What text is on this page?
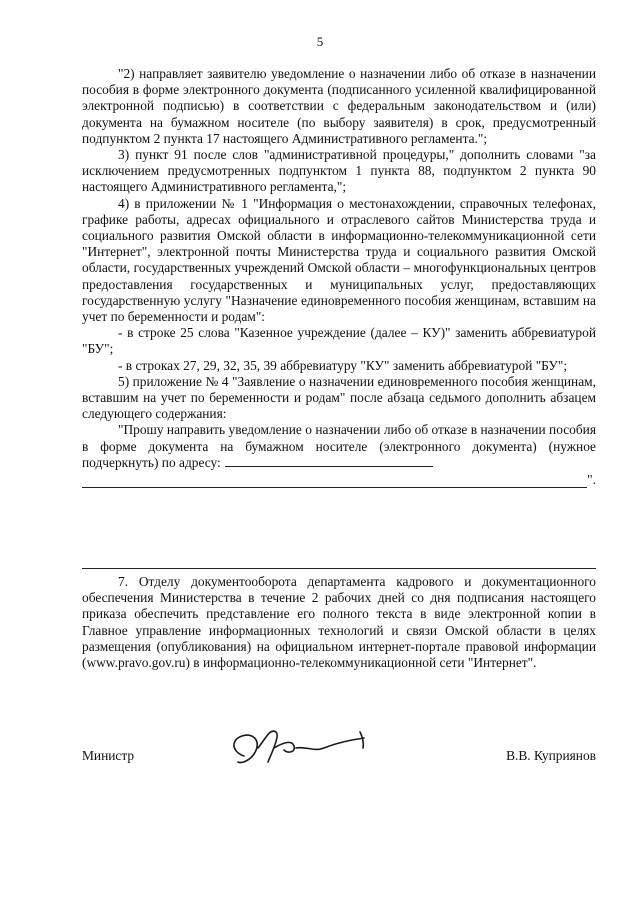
5

"2) направляет заявителю уведомление о назначении либо об отказе в назначении пособия в форме электронного документа (подписанного усиленной квалифицированной электронной подписью) в соответствии с федеральным законодательством и (или) документа на бумажном носителе (по выбору заявителя) в срок, предусмотренный подпунктом 2 пункта 17 настоящего Административного регламента.";

3) пункт 91 после слов "административной процедуры," дополнить словами "за исключением предусмотренных подпунктом 1 пункта 88, подпунктом 2 пункта 90 настоящего Административного регламента,";

4) в приложении № 1 "Информация о местонахождении, справочных телефонах, графике работы, адресах официального и отраслевого сайтов Министерства труда и социального развития Омской области в информационно-телекоммуникационной сети "Интернет", электронной почты Министерства труда и социального развития Омской области, государственных учреждений Омской области – многофункциональных центров предоставления государственных и муниципальных услуг, предоставляющих государственную услугу "Назначение единовременного пособия женщинам, вставшим на учет по беременности и родам":

- в строке 25 слова "Казенное учреждение (далее – КУ)" заменить аббревиатурой "БУ";

- в строках 27, 29, 32, 35, 39 аббревиатуру "КУ" заменить аббревиатурой "БУ";

5) приложение № 4 "Заявление о назначении единовременного пособия женщинам, вставшим на учет по беременности и родам" после абзаца седьмого дополнить абзацем следующего содержания:

"Прошу направить уведомление о назначении либо об отказе в назначении пособия в форме документа на бумажном носителе (электронного документа) (нужное подчеркнуть) по адресу:

".

7. Отделу документооборота департамента кадрового и документационного обеспечения Министерства в течение 2 рабочих дней со дня подписания настоящего приказа обеспечить представление его полного текста в виде электронной копии в Главное управление информационных технологий и связи Омской области в целях размещения (опубликования) на официальном интернет-портале правовой информации (www.pravo.gov.ru) в информационно-телекоммуникационной сети "Интернет".

Министр	В.В. Куприянов
